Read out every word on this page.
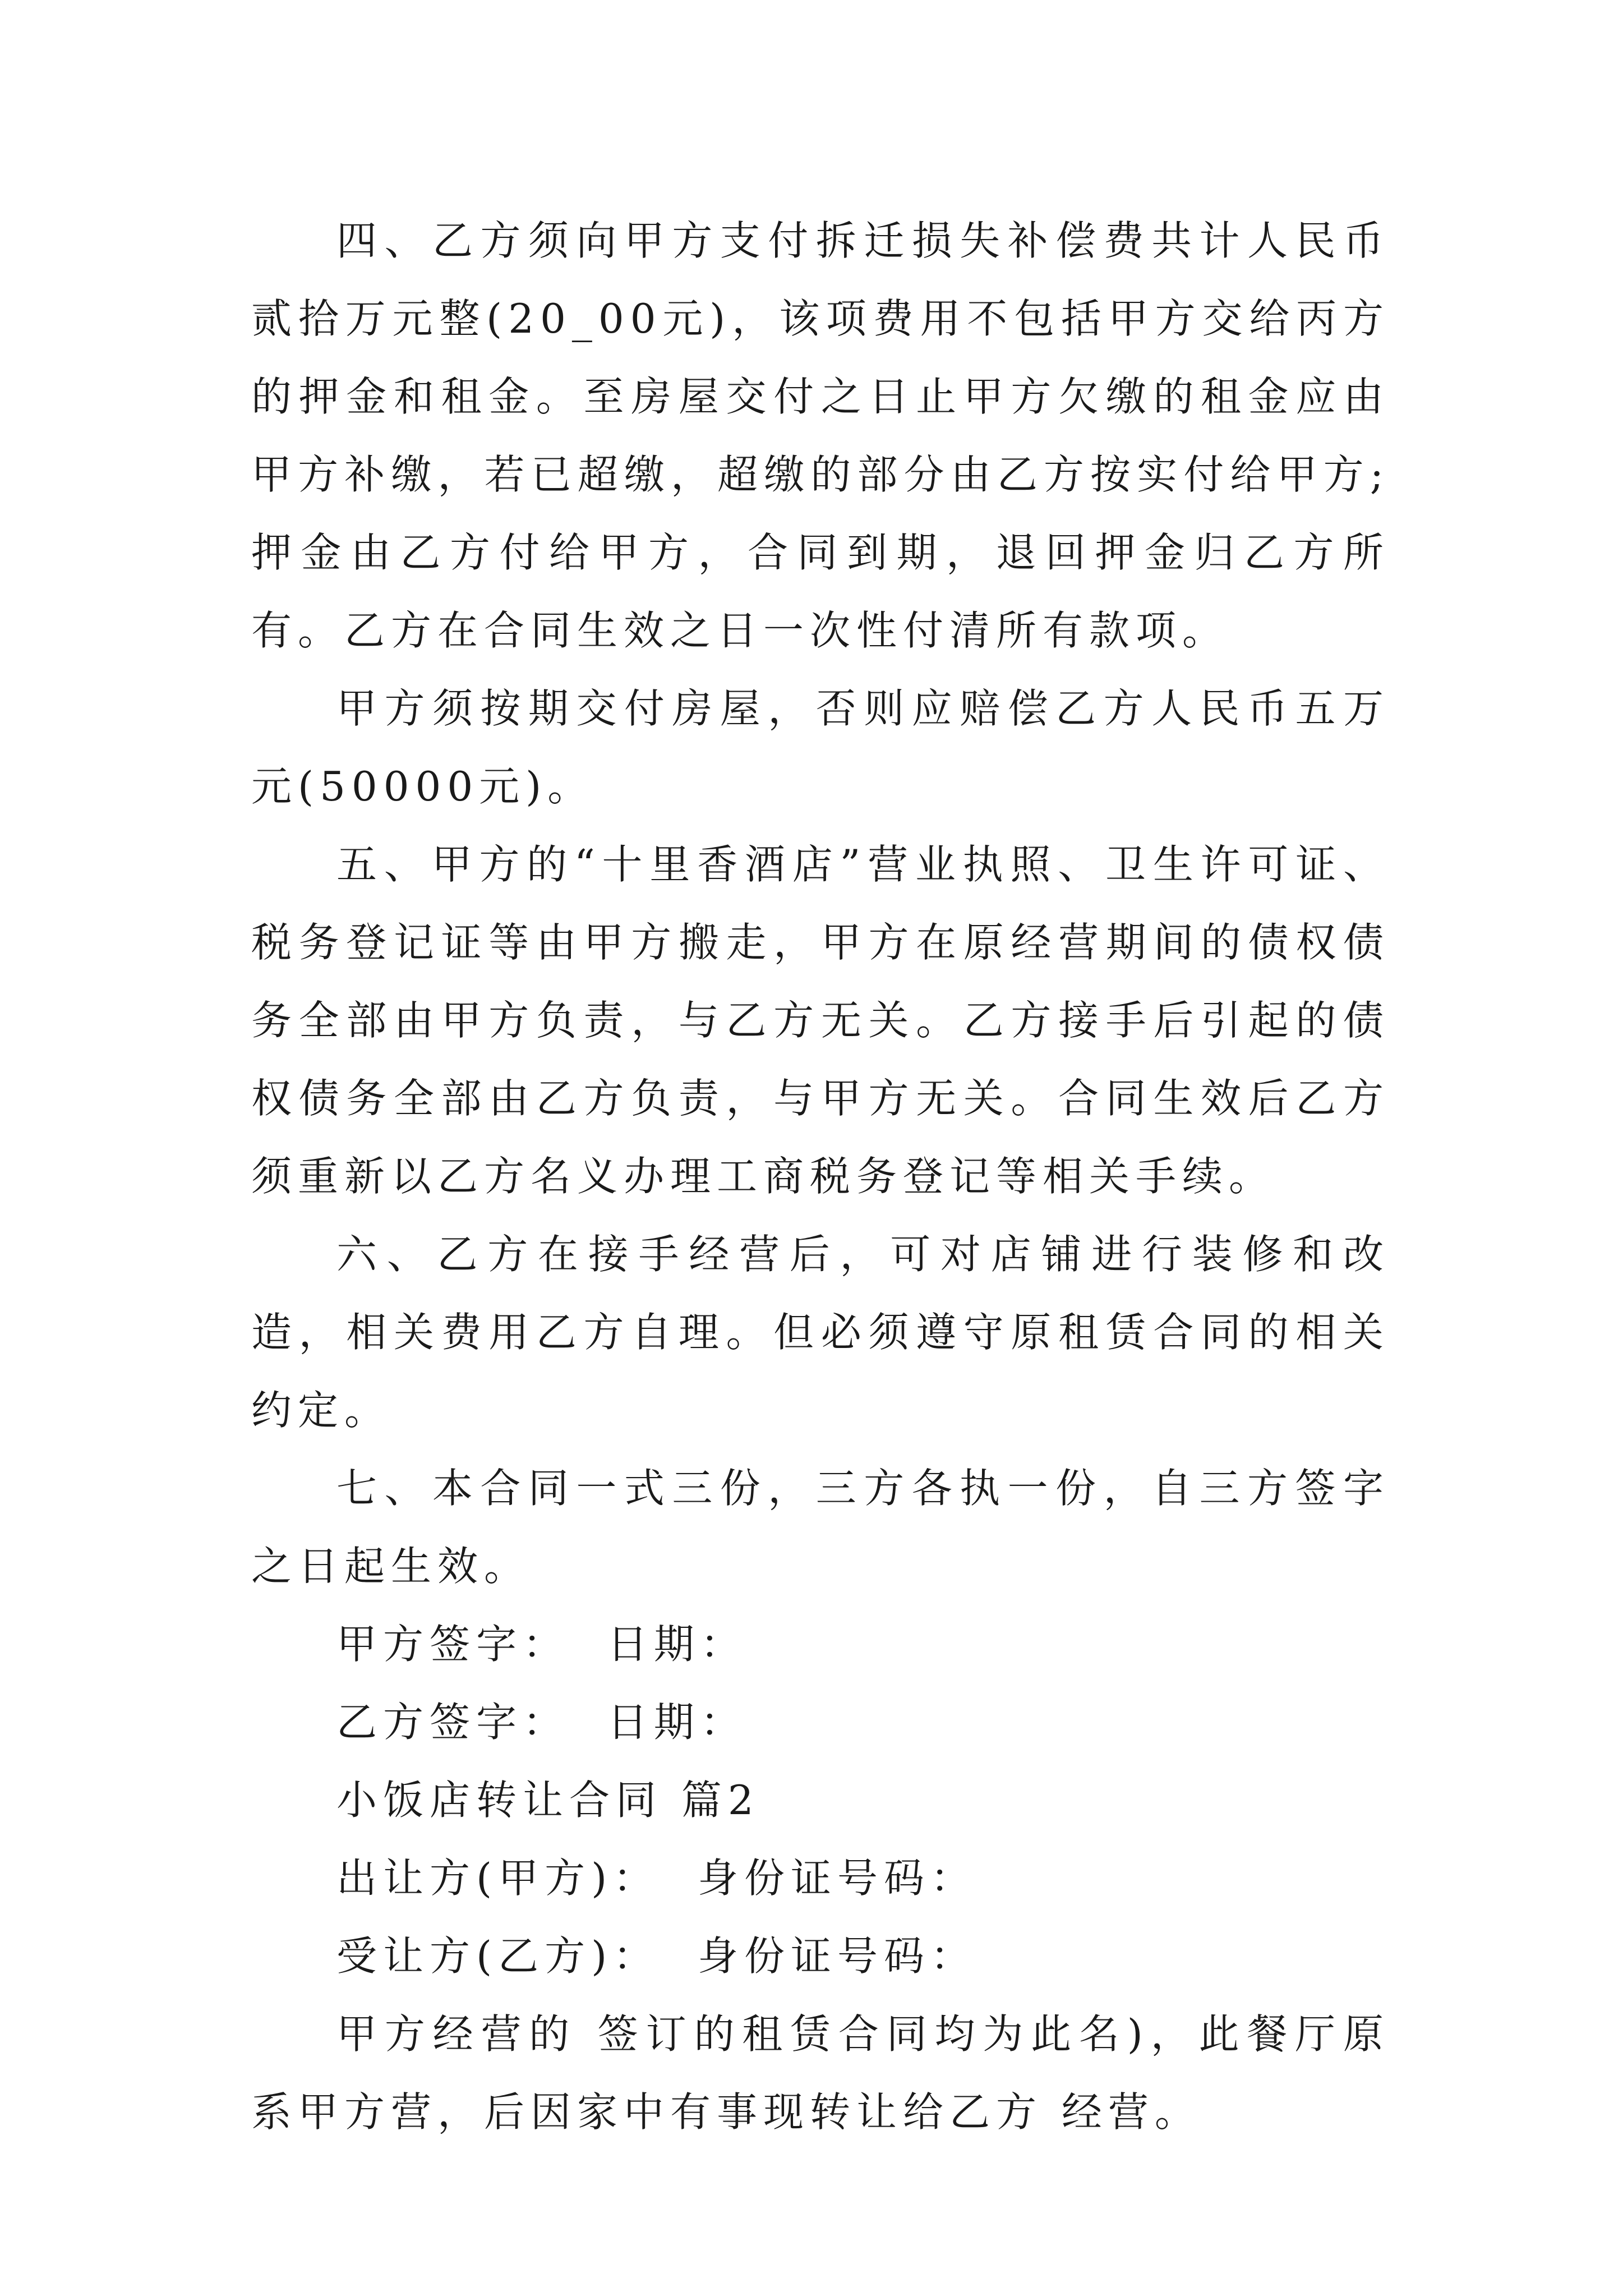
四、乙方须向甲方支付拆迁损失补偿费共计人民币贰拾万元整(20_00元)，该项费用不包括甲方交给丙方的押金和租金。至房屋交付之日止甲方欠缴的租金应由甲方补缴，若已超缴，超缴的部分由乙方按实付给甲方;押金由乙方付给甲方，合同到期，退回押金归乙方所有。乙方在合同生效之日一次性付清所有款项。

甲方须按期交付房屋，否则应赔偿乙方人民币五万元(50000元)。

五、甲方的“十里香酒店”营业执照、卫生许可证、税务登记证等由甲方搬走，甲方在原经营期间的债权债务全部由甲方负责，与乙方无关。乙方接手后引起的债权债务全部由乙方负责，与甲方无关。合同生效后乙方须重新以乙方名义办理工商税务登记等相关手续。

六、乙方在接手经营后，可对店铺进行装修和改造，相关费用乙方自理。但必须遵守原租赁合同的相关约定。

七、本合同一式三份，三方各执一份，自三方签字之日起生效。

甲方签字：  日期：

乙方签字：  日期：

小饭店转让合同 篇2

出让方(甲方)：  身份证号码：

受让方(乙方)：  身份证号码：

甲方经营的 签订的租赁合同均为此名)，此餐厅原系甲方营，后因家中有事现转让给乙方 经营。
